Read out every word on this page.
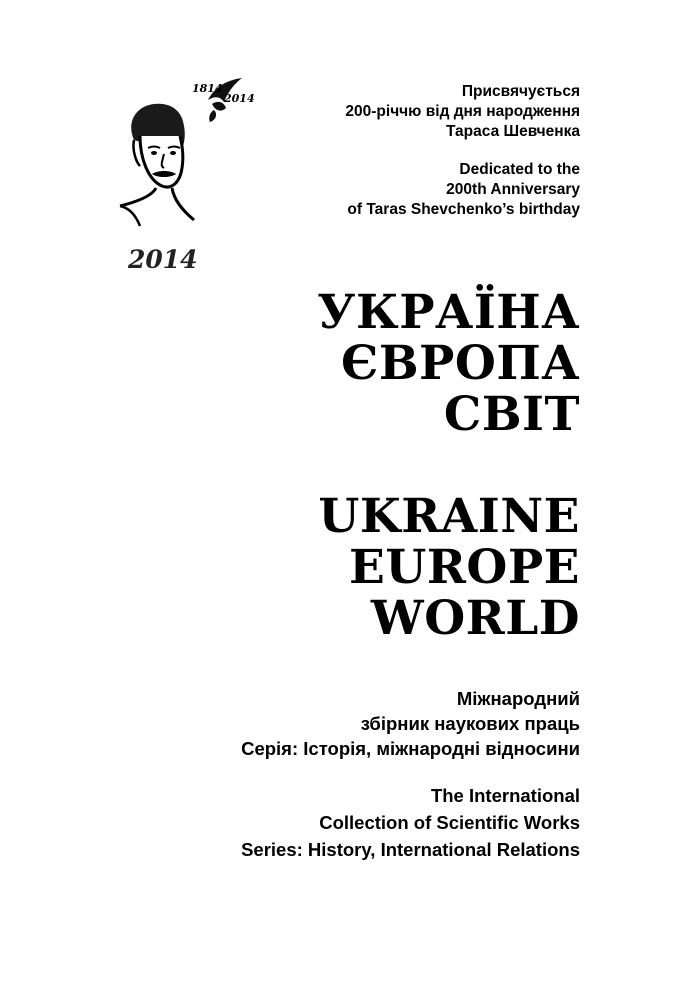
1814
2014
2014
Присвячується
200-річчю від дня народження
Тараса Шевченка
Dedicated to the
200th Anniversary
of Taras Shevchenko’s birthday
УКРАЇНА
ЄВРОПА
СВІТ
UKRAINE
EUROPE
WORLD
Міжнародний
збірник наукових праць
Серія: Історія, міжнародні відносини
The International
Collection of Scientific Works
Series: History, International Relations
